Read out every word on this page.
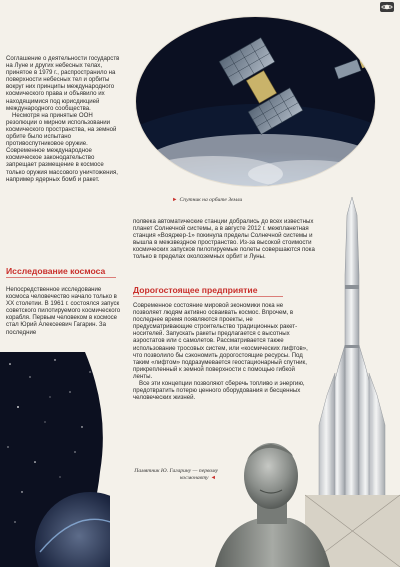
► Спутник на орбите Земли

Соглашение о деятельности государств на Луне и других небесных телах, принятое в 1979 г., распространило на поверхности небесных тел и орбиты вокруг них принципы международного космического права и объявило их находящимися под юрисдикцией международного сообщества.

Несмотря на принятые ООН резолюции о мирном использовании космического пространства, на земной орбите было испытано противоспутниковое оружие. Современное международное космическое законодательство запрещает размещение в космосе только оружия массового уничтожения, например ядерных бомб и ракет.

Исследование космоса
Непосредственное исследование космоса человечество начало только в XX столетии. В 1961 г. состоялся запуск советского пилотируемого космического корабля. Первым человеком в космосе стал Юрий Алексеевич Гагарин. За последние
полвека автоматические станции добрались до всех известных планет Солнечной системы, а в августе 2012 г. межпланетная станция «Вояджер-1» покинула пределы Солнечной системы и вышла в межзвездное пространство. Из-за высокой стоимости космических запусков пилотируемые полеты совершаются пока только в пределах околоземных орбит и Луны.
Дорогостоящее предприятие

Современное состояние мировой экономики пока не позволяет людям активно осваивать космос. Впрочем, в последнее время появляются проекты, не предусматривающие строительство традиционных ракет-носителей. Запускать ракеты предлагается с высотных аэростатов или с самолетов. Рассматривается также использование тросовых систем, или «космических лифтов», что позволило бы сэкономить дорогостоящие ресурсы. Под таким «лифтом» подразумевается геостационарный спутник, прикрепленный к земной поверхности с помощью гибкой ленты.

Все эти концепции позволяют сберечь топливо и энергию, предотвратить потерю ценного оборудования и бесценных человеческих жизней.

Памятник Ю. Гагарину — первому космонавту ◄
